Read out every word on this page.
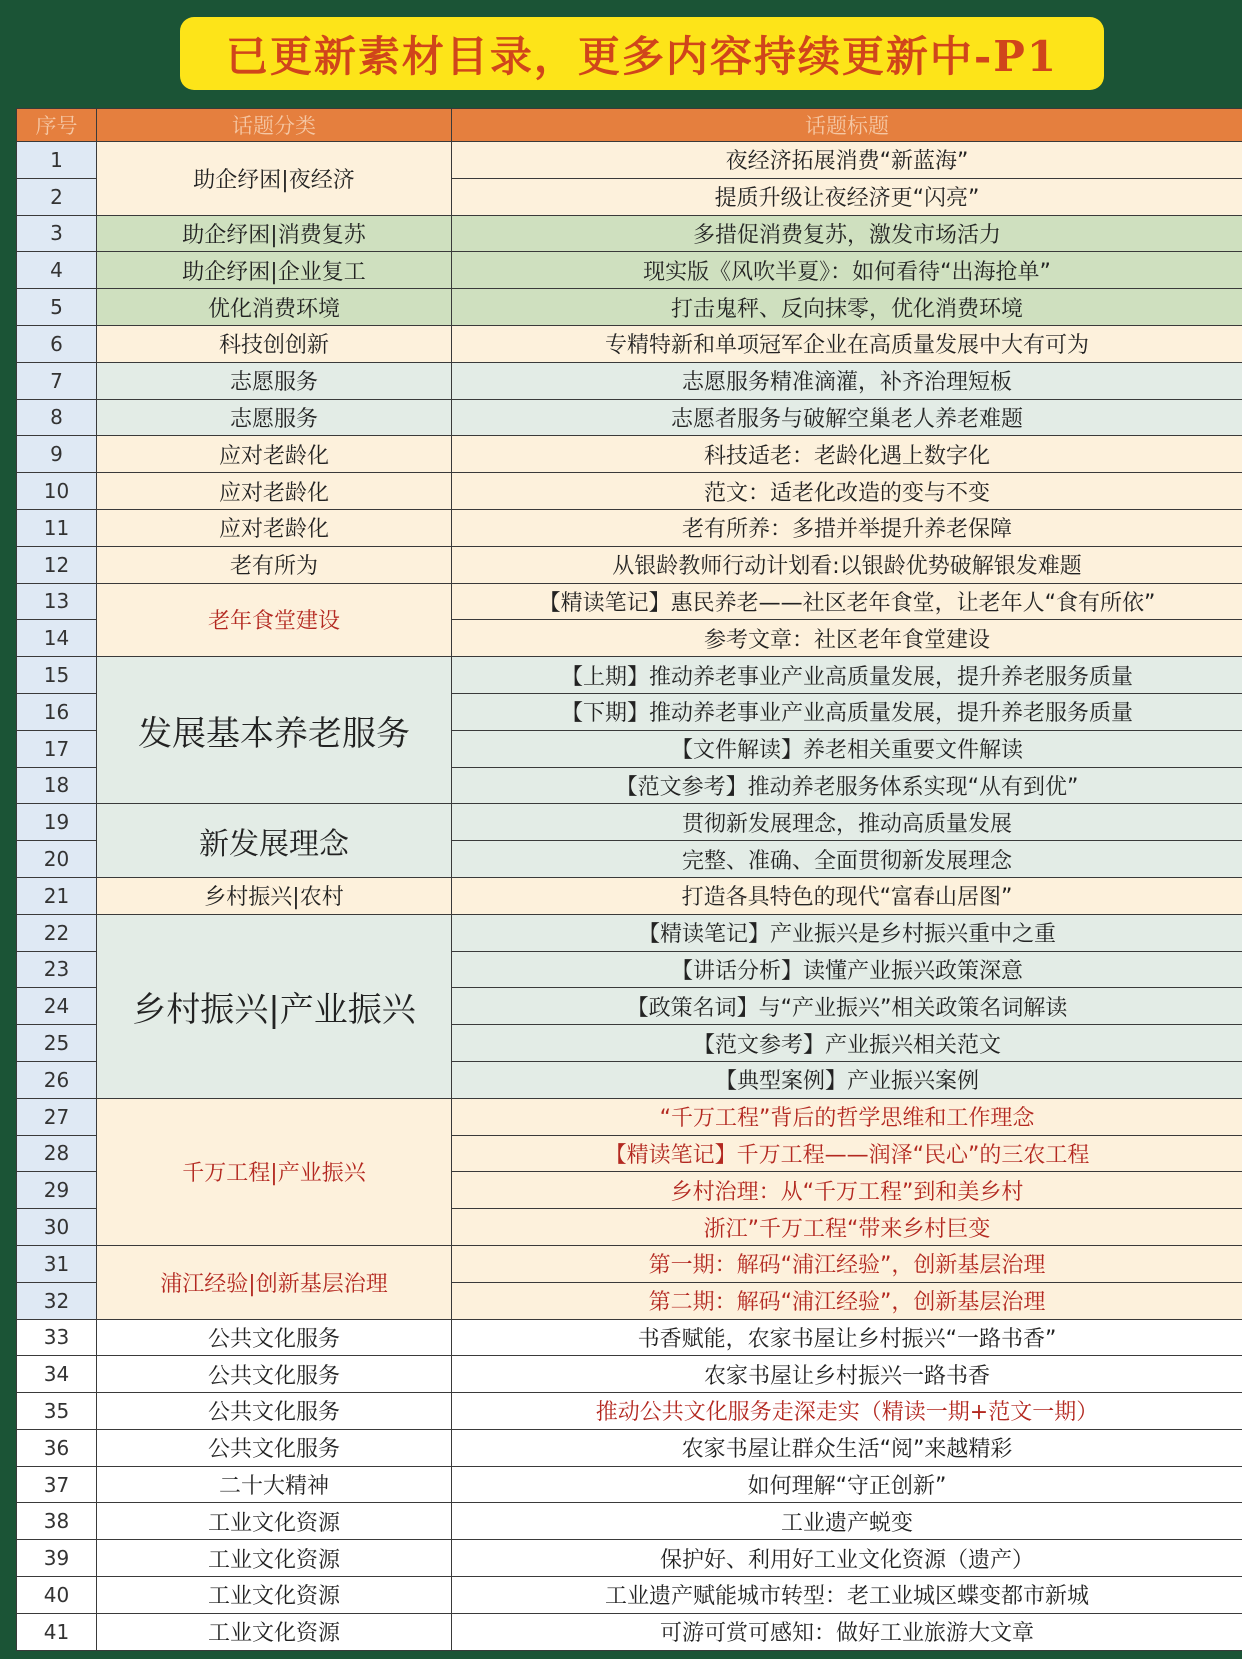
已更新素材目录，更多内容持续更新中-P1
序号	话题分类	话题标题
1	助企纾困|夜经济	夜经济拓展消费“新蓝海”
2		提质升级让夜经济更“闪亮”
3	助企纾困|消费复苏	多措促消费复苏，激发市场活力
4	助企纾困|企业复工	现实版《风吹半夏》：如何看待“出海抢单”
5	优化消费环境	打击鬼秤、反向抹零，优化消费环境
6	科技创创新	专精特新和单项冠军企业在高质量发展中大有可为
7	志愿服务	志愿服务精准滴灌，补齐治理短板
8	志愿服务	志愿者服务与破解空巢老人养老难题
9	应对老龄化	科技适老：老龄化遇上数字化
10	应对老龄化	范文：适老化改造的变与不变
11	应对老龄化	老有所养：多措并举提升养老保障
12	老有所为	从银龄教师行动计划看:以银龄优势破解银发难题
13	老年食堂建设	【精读笔记】惠民养老——社区老年食堂，让老年人“食有所依”
14		参考文章：社区老年食堂建设
15	发展基本养老服务	【上期】推动养老事业产业高质量发展，提升养老服务质量
16		【下期】推动养老事业产业高质量发展，提升养老服务质量
17		【文件解读】养老相关重要文件解读
18		【范文参考】推动养老服务体系实现“从有到优”
19	新发展理念	贯彻新发展理念，推动高质量发展
20		完整、准确、全面贯彻新发展理念
21	乡村振兴|农村	打造各具特色的现代“富春山居图”
22	乡村振兴|产业振兴	【精读笔记】产业振兴是乡村振兴重中之重
23		【讲话分析】读懂产业振兴政策深意
24		【政策名词】与“产业振兴”相关政策名词解读
25		【范文参考】产业振兴相关范文
26		【典型案例】产业振兴案例
27	千万工程|产业振兴	“千万工程”背后的哲学思维和工作理念
28		【精读笔记】千万工程——润泽“民心”的三农工程
29		乡村治理：从“千万工程”到和美乡村
30		浙江”千万工程“带来乡村巨变
31	浦江经验|创新基层治理	第一期：解码“浦江经验”，创新基层治理
32		第二期：解码“浦江经验”，创新基层治理
33	公共文化服务	书香赋能，农家书屋让乡村振兴“一路书香”
34	公共文化服务	农家书屋让乡村振兴一路书香
35	公共文化服务	推动公共文化服务走深走实（精读一期+范文一期）
36	公共文化服务	农家书屋让群众生活“阅”来越精彩
37	二十大精神	如何理解“守正创新”
38	工业文化资源	工业遗产蜕变
39	工业文化资源	保护好、利用好工业文化资源（遗产）
40	工业文化资源	工业遗产赋能城市转型：老工业城区蝶变都市新城
41	工业文化资源	可游可赏可感知：做好工业旅游大文章
